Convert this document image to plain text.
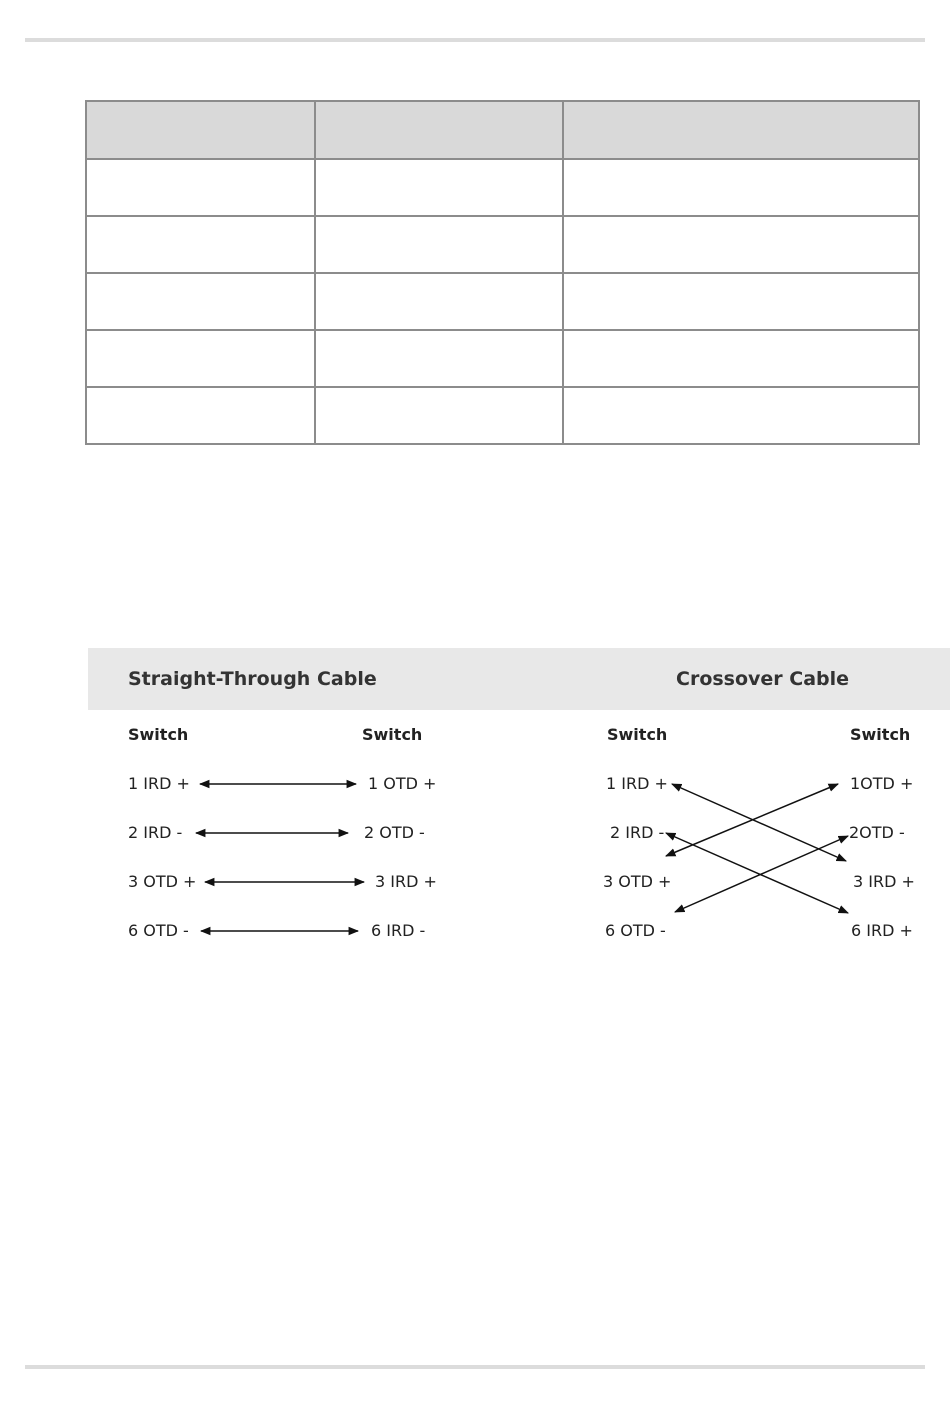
Straight-Through Cable	Crossover Cable
Switch	Switch
1 IRD +	1 OTD +
2 IRD -	2 OTD -
3 OTD +	3 IRD +
6 OTD -	6 IRD -
Switch	Switch
1 IRD +	1OTD +
2 IRD -	2OTD -
3 OTD +	3 IRD +
6 OTD -	6 IRD +
